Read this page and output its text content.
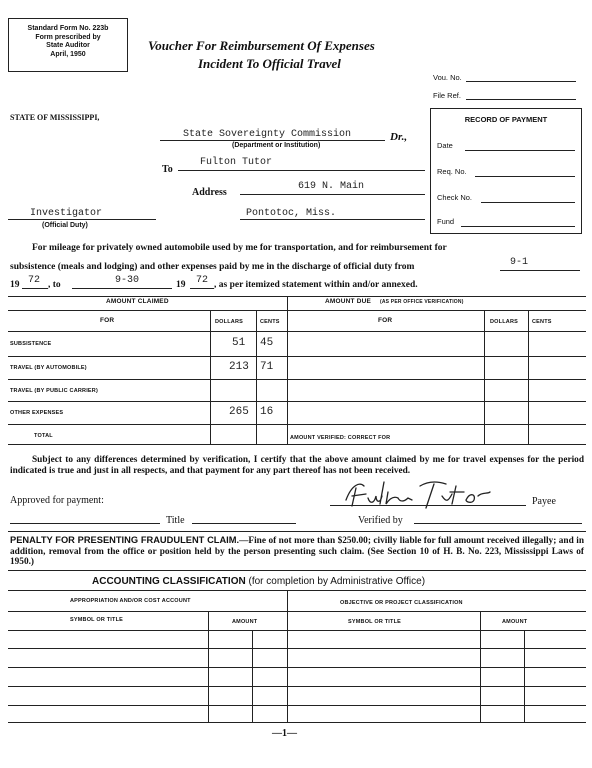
Standard Form No. 223b
Form prescribed by
State Auditor
April, 1950
Voucher For Reimbursement Of Expenses
Incident To Official Travel
Vou. No.
File Ref.
RECORD OF PAYMENT
Date
Req. No.
Check No.
Fund
STATE OF MISSISSIPPI,
State Sovereignty Commission	Dr.,
(Department or Institution)
To
Fulton Tutor
Address
619 N. Main
Investigator
(Official Duty)
Pontotoc, Miss.
For mileage for privately owned automobile used by me for transportation, and for reimbursement for
subsistence (meals and lodging) and other expenses paid by me in the discharge of official duty from	9-1
19 72 , to	9-30	19 72 , as per itemized statement within and/or annexed.
AMOUNT CLAIMED	AMOUNT DUE (AS PER OFFICE VERIFICATION)
FOR	DOLLARS	CENTS	FOR	DOLLARS	CENTS
SUBSISTENCE	51 45
TRAVEL (BY AUTOMOBILE)	213 71
TRAVEL (BY PUBLIC CARRIER)
OTHER EXPENSES	265 16
TOTAL	AMOUNT VERIFIED: CORRECT FOR
Subject to any differences determined by verification, I certify that the above amount claimed by me for travel expenses for the period indicated is true and just in all respects, and that payment for any part thereof has not been received.
Approved for payment:	Payee
Title	Verified by
PENALTY FOR PRESENTING FRAUDULENT CLAIM.—Fine of not more than $250.00; civilly liable for full amount received illegally; and in addition, removal from the office or position held by the person presenting such claim. (See Section 10 of H. B. No. 223, Mississippi Laws of 1950.)
ACCOUNTING CLASSIFICATION (for completion by Administrative Office)
APPROPRIATION AND/OR COST ACCOUNT	OBJECTIVE OR PROJECT CLASSIFICATION
SYMBOL OR TITLE	AMOUNT	SYMBOL OR TITLE	AMOUNT
—1—
